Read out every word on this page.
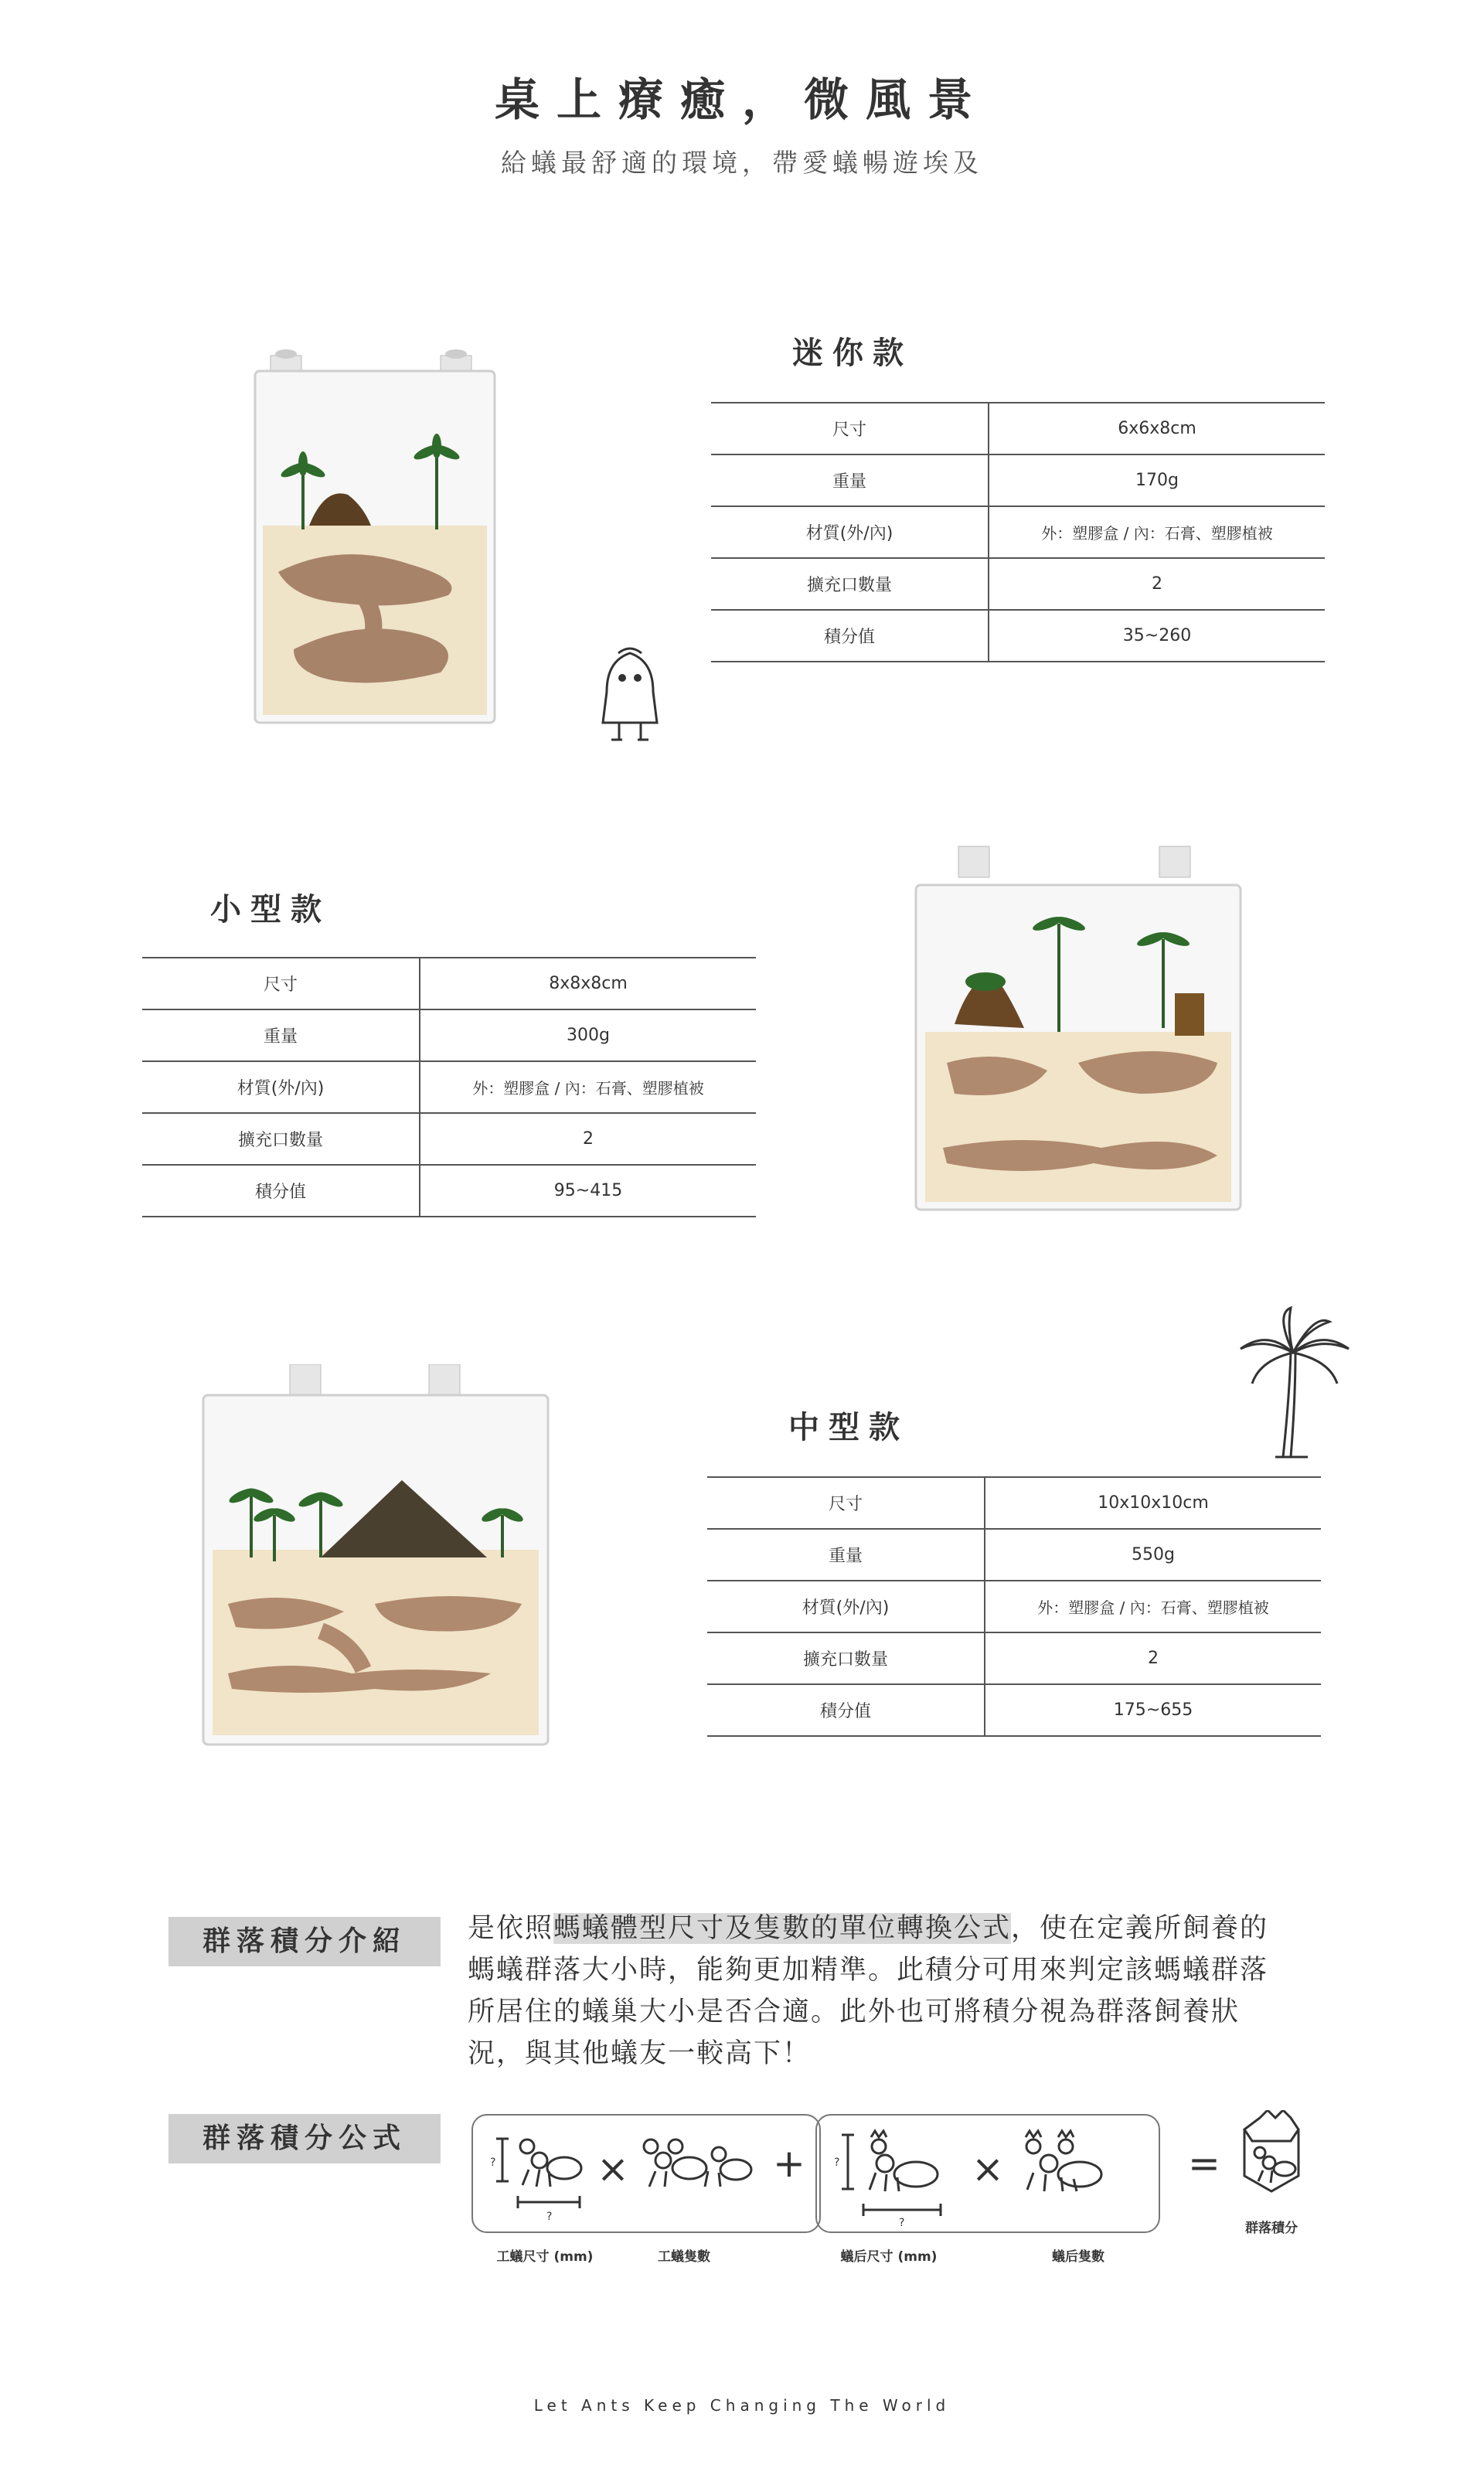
桌上療癒，微風景
給蟻最舒適的環境，帶愛蟻暢遊埃及
迷你款
尺寸	6x6x8cm
重量	170g
材質(外/內)	外：塑膠盒 / 內：石膏、塑膠植被
擴充口數量	2
積分值	35~260
小型款
尺寸	8x8x8cm
重量	300g
材質(外/內)	外：塑膠盒 / 內：石膏、塑膠植被
擴充口數量	2
積分值	95~415
中型款
尺寸	10x10x10cm
重量	550g
材質(外/內)	外：塑膠盒 / 內：石膏、塑膠植被
擴充口數量	2
積分值	175~655
群落積分介紹	是依照螞蟻體型尺寸及隻數的單位轉換公式，使在定義所飼養的螞蟻群落大小時，能夠更加精準。此積分可用來判定該螞蟻群落所居住的蟻巢大小是否合適。此外也可將積分視為群落飼養狀況，與其他蟻友一較高下！
群落積分公式
?
?
×	+	?
?
×	=
工蟻尺寸 (mm)	工蟻隻數	蟻后尺寸 (mm)	蟻后隻數
群落積分
Let Ants Keep Changing The World
